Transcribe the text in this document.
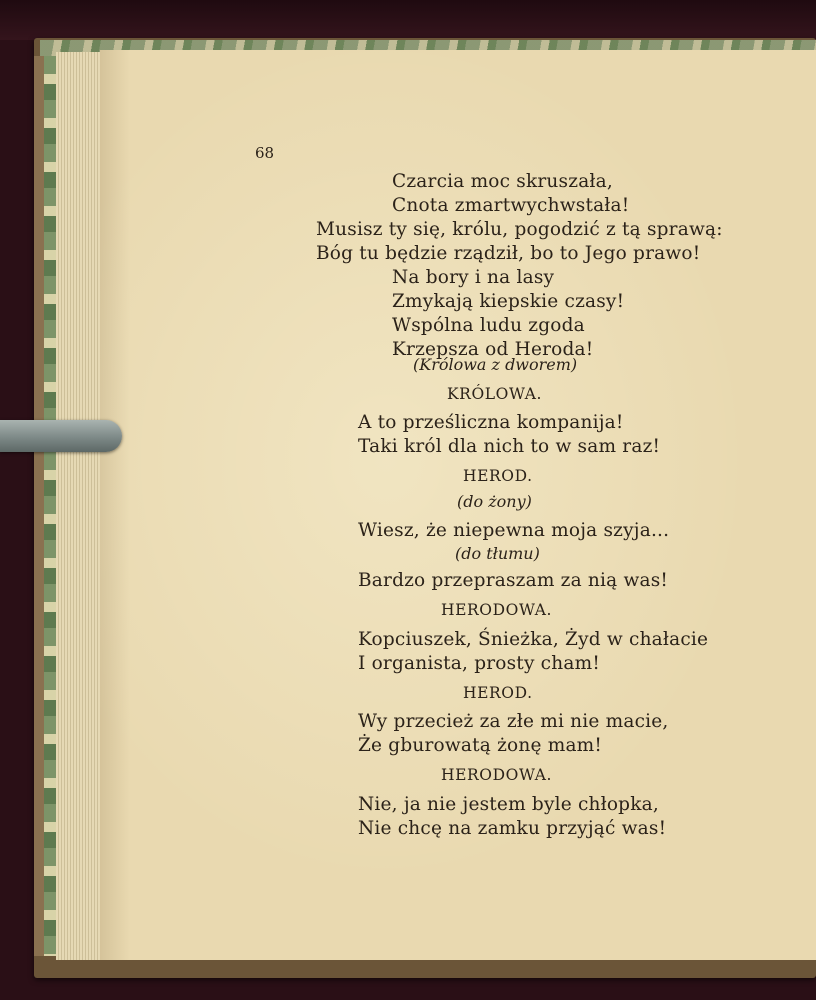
68
Czarcia moc skruszała,
Cnota zmartwychwstała!
Musisz ty się, królu, pogodzić z tą sprawą:
Bóg tu będzie rządził, bo to Jego prawo!
Na bory i na lasy
Zmykają kiepskie czasy!
Wspólna ludu zgoda
Krzepsza od Heroda!
(Królowa z dworem)
KRÓLOWA.
A to prześliczna kompanija!
Taki król dla nich to w sam raz!
HEROD.
(do żony)
Wiesz, że niepewna moja szyja...
(do tłumu)
Bardzo przepraszam za nią was!
HERODOWA.
Kopciuszek, Śnieżka, Żyd w chałacie
I organista, prosty cham!
HEROD.
Wy przecież za złe mi nie macie,
Że gburowatą żonę mam!
HERODOWA.
Nie, ja nie jestem byle chłopka,
Nie chcę na zamku przyjąć was!
